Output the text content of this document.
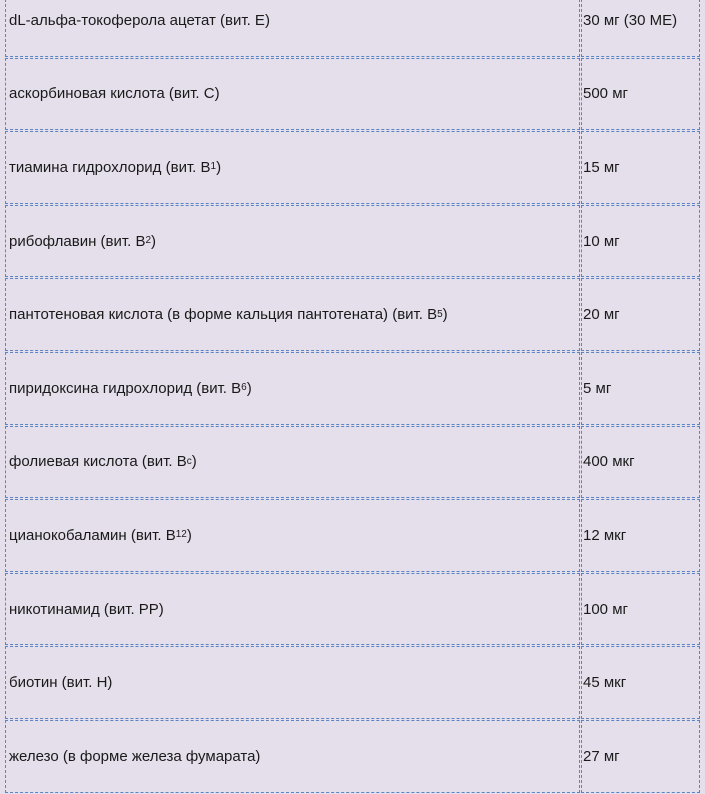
dL-альфа-токоферола ацетат (вит. E)	30 мг (30 МЕ)
аскорбиновая кислота (вит. C)	500 мг
тиамина гидрохлорид (вит. B 1 )	15 мг
рибофлавин (вит. B 2 )	10 мг
пантотеновая кислота (в форме кальция пантотената) (вит. B 5 )	20 мг
пиридоксина гидрохлорид (вит. B 6 )	5 мг
фолиевая кислота (вит. B c )	400 мкг
цианокобаламин (вит. B 12 )	12 мкг
никотинамид (вит. PP)	100 мг
биотин (вит. H)	45 мкг
железо (в форме железа фумарата)	27 мг
